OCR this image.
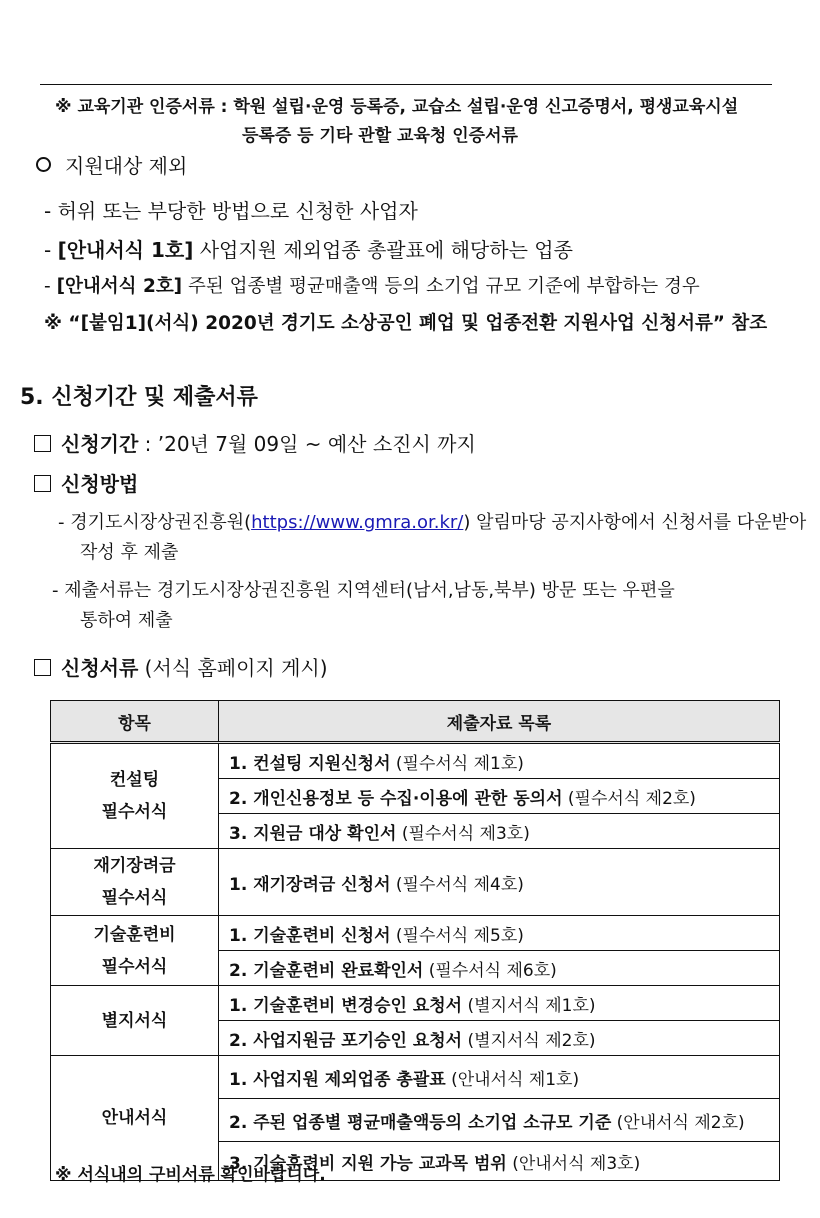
※ 교육기관 인증서류 : 학원 설립·운영 등록증, 교습소 설립·운영 신고증명서, 평생교육시설
등록증 등 기타 관할 교육청 인증서류
지원대상 제외
- 허위 또는 부당한 방법으로 신청한 사업자
- [안내서식 1호] 사업지원 제외업종 총괄표에 해당하는 업종
- [안내서식 2호] 주된 업종별 평균매출액 등의 소기업 규모 기준에 부합하는 경우
※ “[붙임1](서식) 2020년 경기도 소상공인 폐업 및 업종전환 지원사업 신청서류” 참조
5. 신청기간 및 제출서류
신청기간 : ’20년 7월 09일 ~ 예산 소진시 까지
신청방법
- 경기도시장상권진흥원(https://www.gmra.or.kr/) 알림마당 공지사항에서 신청서를 다운받아
작성 후 제출
- 제출서류는 경기도시장상권진흥원 지역센터(남서,남동,북부) 방문 또는 우편을
통하여 제출
신청서류 (서식 홈페이지 게시)
항목	제출자료 목록
컨설팅
필수서식	1. 컨설팅 지원신청서 (필수서식 제1호)
	2. 개인신용정보 등 수집·이용에 관한 동의서 (필수서식 제2호)
	3. 지원금 대상 확인서 (필수서식 제3호)
재기장려금
필수서식	1. 재기장려금 신청서 (필수서식 제4호)
기술훈련비
필수서식	1. 기술훈련비 신청서 (필수서식 제5호)
	2. 기술훈련비 완료확인서 (필수서식 제6호)
별지서식	1. 기술훈련비 변경승인 요청서 (별지서식 제1호)
	2. 사업지원금 포기승인 요청서 (별지서식 제2호)
안내서식	1. 사업지원 제외업종 총괄표 (안내서식 제1호)
	2. 주된 업종별 평균매출액등의 소기업 소규모 기준 (안내서식 제2호)
	3. 기술훈련비 지원 가능 교과목 범위 (안내서식 제3호)
※ 서식내의 구비서류 확인바랍니다.
